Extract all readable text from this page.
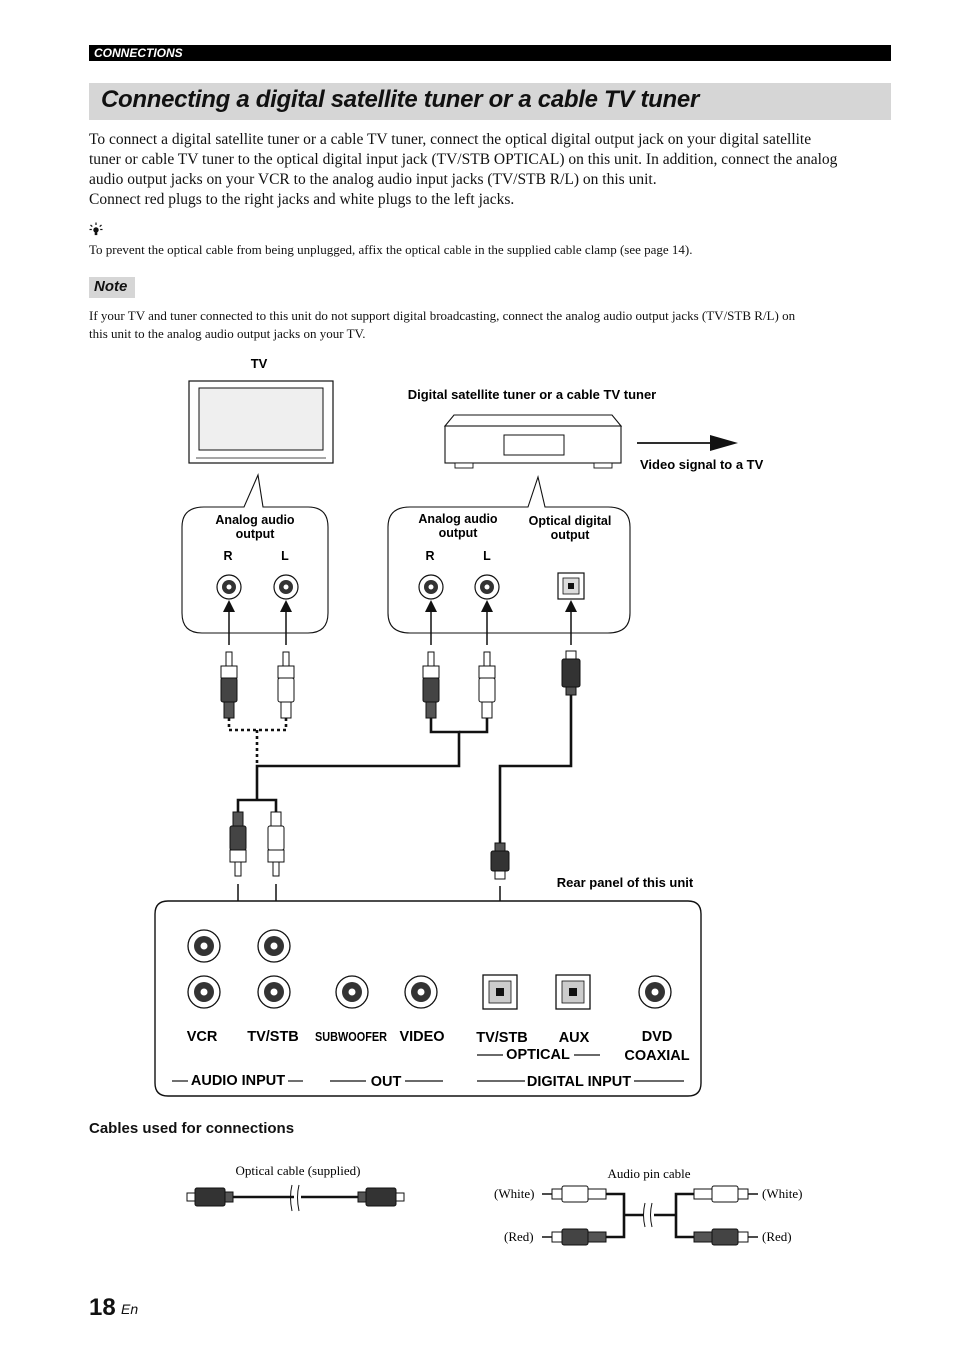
CONNECTIONS
Connecting a digital satellite tuner or a cable TV tuner
To connect a digital satellite tuner or a cable TV tuner, connect the optical digital output jack on your digital satellite
tuner or cable TV tuner to the optical digital input jack (TV/STB OPTICAL) on this unit. In addition, connect the analog
audio output jacks on your VCR to the analog audio input jacks (TV/STB R/L) on this unit.
Connect red plugs to the right jacks and white plugs to the left jacks.
To prevent the optical cable from being unplugged, affix the optical cable in the supplied cable clamp (see page 14).
Note
If your TV and tuner connected to this unit do not support digital broadcasting, connect the analog audio output jacks (TV/STB R/L) on
this unit to the analog audio output jacks on your TV.
TV
Digital satellite tuner or a cable TV tuner
Video signal to a TV
Analog audio
output
R	L
Analog audio
output
Optical digital
output
R	L
Rear panel of this unit
VCR TV/STB SUBWOOFER VIDEO TV/STB AUX	DVD
COAXIAL
OPTICAL
AUDIO INPUT	OUT	DIGITAL INPUT
Optical cable (supplied)	Audio pin cable
(White)	(White)
(Red)	(Red)
Cables used for connections
18 En
